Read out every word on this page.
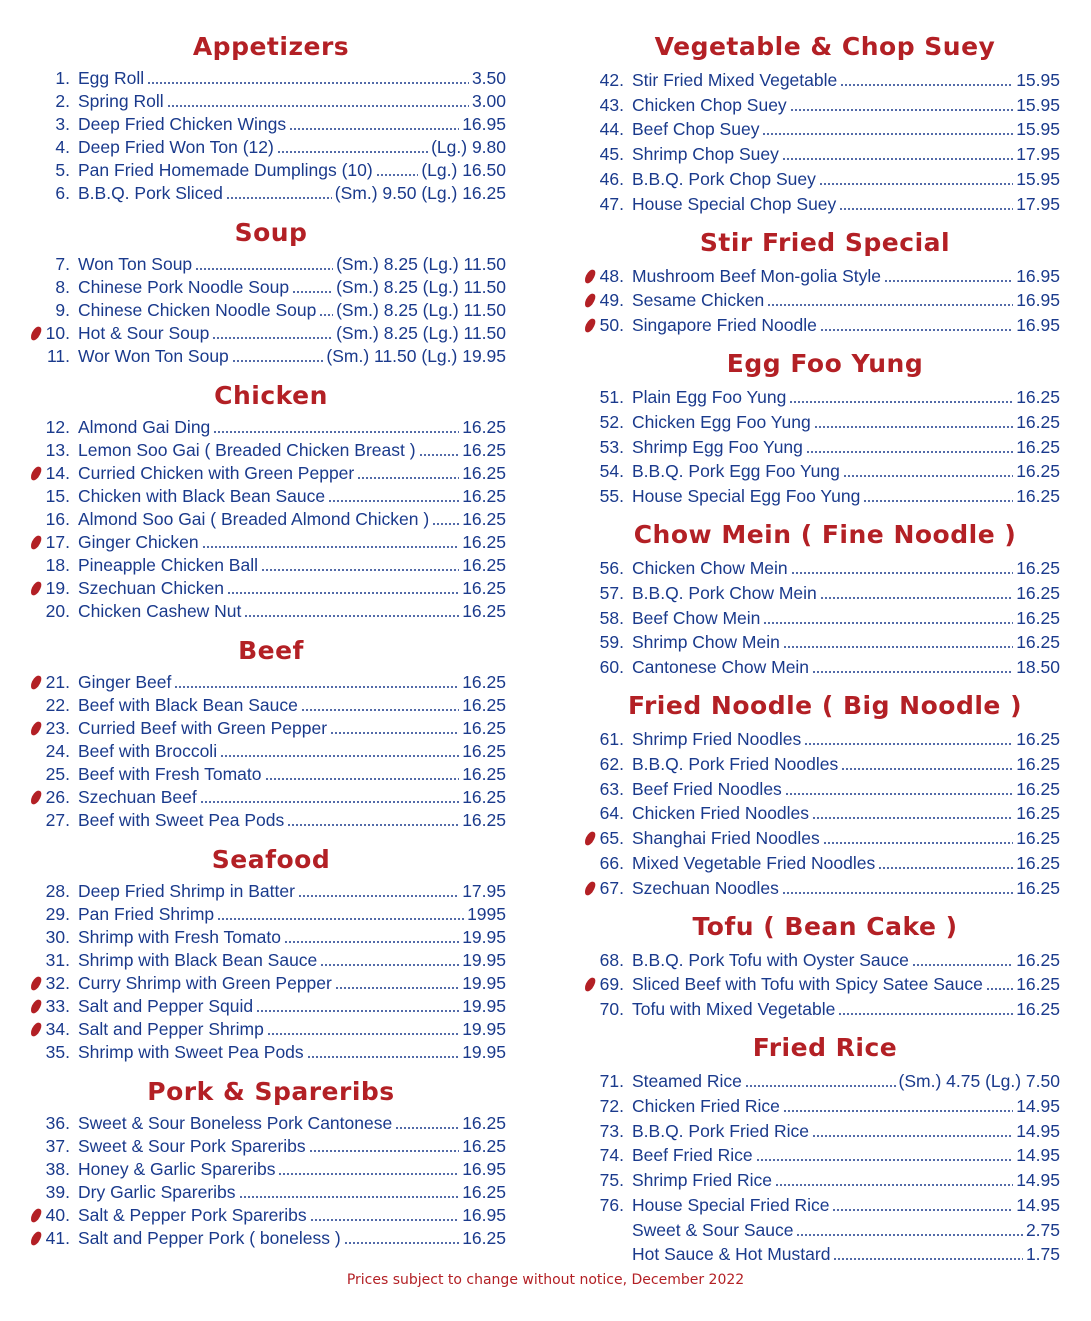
Appetizers
1. Egg Roll	3.50
2. Spring Roll	3.00
3. Deep Fried Chicken Wings	16.95
4. Deep Fried Won Ton (12)	(Lg.) 9.80
5. Pan Fried Homemade Dumplings (10)	(Lg.) 16.50
6. B.B.Q. Pork Sliced	(Sm.) 9.50 (Lg.) 16.25
Soup
7. Won Ton Soup	(Sm.) 8.25 (Lg.) 11.50
8. Chinese Pork Noodle Soup	(Sm.) 8.25 (Lg.) 11.50
9. Chinese Chicken Noodle Soup (Sm.) 8.25 (Lg.) 11.50
10. Hot & Sour Soup	(Sm.) 8.25 (Lg.) 11.50
11. Wor Won Ton Soup	(Sm.) 11.50 (Lg.) 19.95
Chicken
12. Almond Gai Ding	16.25
13. Lemon Soo Gai ( Breaded Chicken Breast )	16.25
14. Curried Chicken with Green Pepper	16.25
15. Chicken with Black Bean Sauce	16.25
16. Almond Soo Gai ( Breaded Almond Chicken ) 16.25
17. Ginger Chicken	16.25
18. Pineapple Chicken Ball	16.25
19. Szechuan Chicken	16.25
20. Chicken Cashew Nut	16.25
Beef
21. Ginger Beef	16.25
22. Beef with Black Bean Sauce	16.25
23. Curried Beef with Green Pepper	16.25
24. Beef with Broccoli	16.25
25. Beef with Fresh Tomato	16.25
26. Szechuan Beef	16.25
27. Beef with Sweet Pea Pods	16.25
Seafood
28. Deep Fried Shrimp in Batter	17.95
29. Pan Fried Shrimp	1995
30. Shrimp with Fresh Tomato	19.95
31. Shrimp with Black Bean Sauce	19.95
32. Curry Shrimp with Green Pepper	19.95
33. Salt and Pepper Squid	19.95
34. Salt and Pepper Shrimp	19.95
35. Shrimp with Sweet Pea Pods	19.95
Pork & Spareribs
36. Sweet & Sour Boneless Pork Cantonese	16.25
37. Sweet & Sour Pork Spareribs	16.25
38. Honey & Garlic Spareribs	16.95
39. Dry Garlic Spareribs	16.25
40. Salt & Pepper Pork Spareribs	16.95
41. Salt and Pepper Pork ( boneless )	16.25
Vegetable & Chop Suey
42. Stir Fried Mixed Vegetable	15.95
43. Chicken Chop Suey	15.95
44. Beef Chop Suey	15.95
45. Shrimp Chop Suey	17.95
46. B.B.Q. Pork Chop Suey	15.95
47. House Special Chop Suey	17.95
Stir Fried Special
48. Mushroom Beef Mon-golia Style	16.95
49. Sesame Chicken	16.95
50. Singapore Fried Noodle	16.95
Egg Foo Yung
51. Plain Egg Foo Yung	16.25
52. Chicken Egg Foo Yung	16.25
53. Shrimp Egg Foo Yung	16.25
54. B.B.Q. Pork Egg Foo Yung	16.25
55. House Special Egg Foo Yung	16.25
Chow Mein ( Fine Noodle )
56. Chicken Chow Mein	16.25
57. B.B.Q. Pork Chow Mein	16.25
58. Beef Chow Mein	16.25
59. Shrimp Chow Mein	16.25
60. Cantonese Chow Mein	18.50
Fried Noodle ( Big Noodle )
61. Shrimp Fried Noodles	16.25
62. B.B.Q. Pork Fried Noodles	16.25
63. Beef Fried Noodles	16.25
64. Chicken Fried Noodles	16.25
65. Shanghai Fried Noodles	16.25
66. Mixed Vegetable Fried Noodles	16.25
67. Szechuan Noodles	16.25
Tofu ( Bean Cake )
68. B.B.Q. Pork Tofu with Oyster Sauce	16.25
69. Sliced Beef with Tofu with Spicy Satee Sauce 16.25
70. Tofu with Mixed Vegetable	16.25
Fried Rice
71. Steamed Rice	(Sm.) 4.75 (Lg.) 7.50
72. Chicken Fried Rice	14.95
73. B.B.Q. Pork Fried Rice	14.95
74. Beef Fried Rice	14.95
75. Shrimp Fried Rice	14.95
76. House Special Fried Rice	14.95
Sweet & Sour Sauce	2.75
Hot Sauce & Hot Mustard	1.75
Prices subject to change without notice, December 2022
